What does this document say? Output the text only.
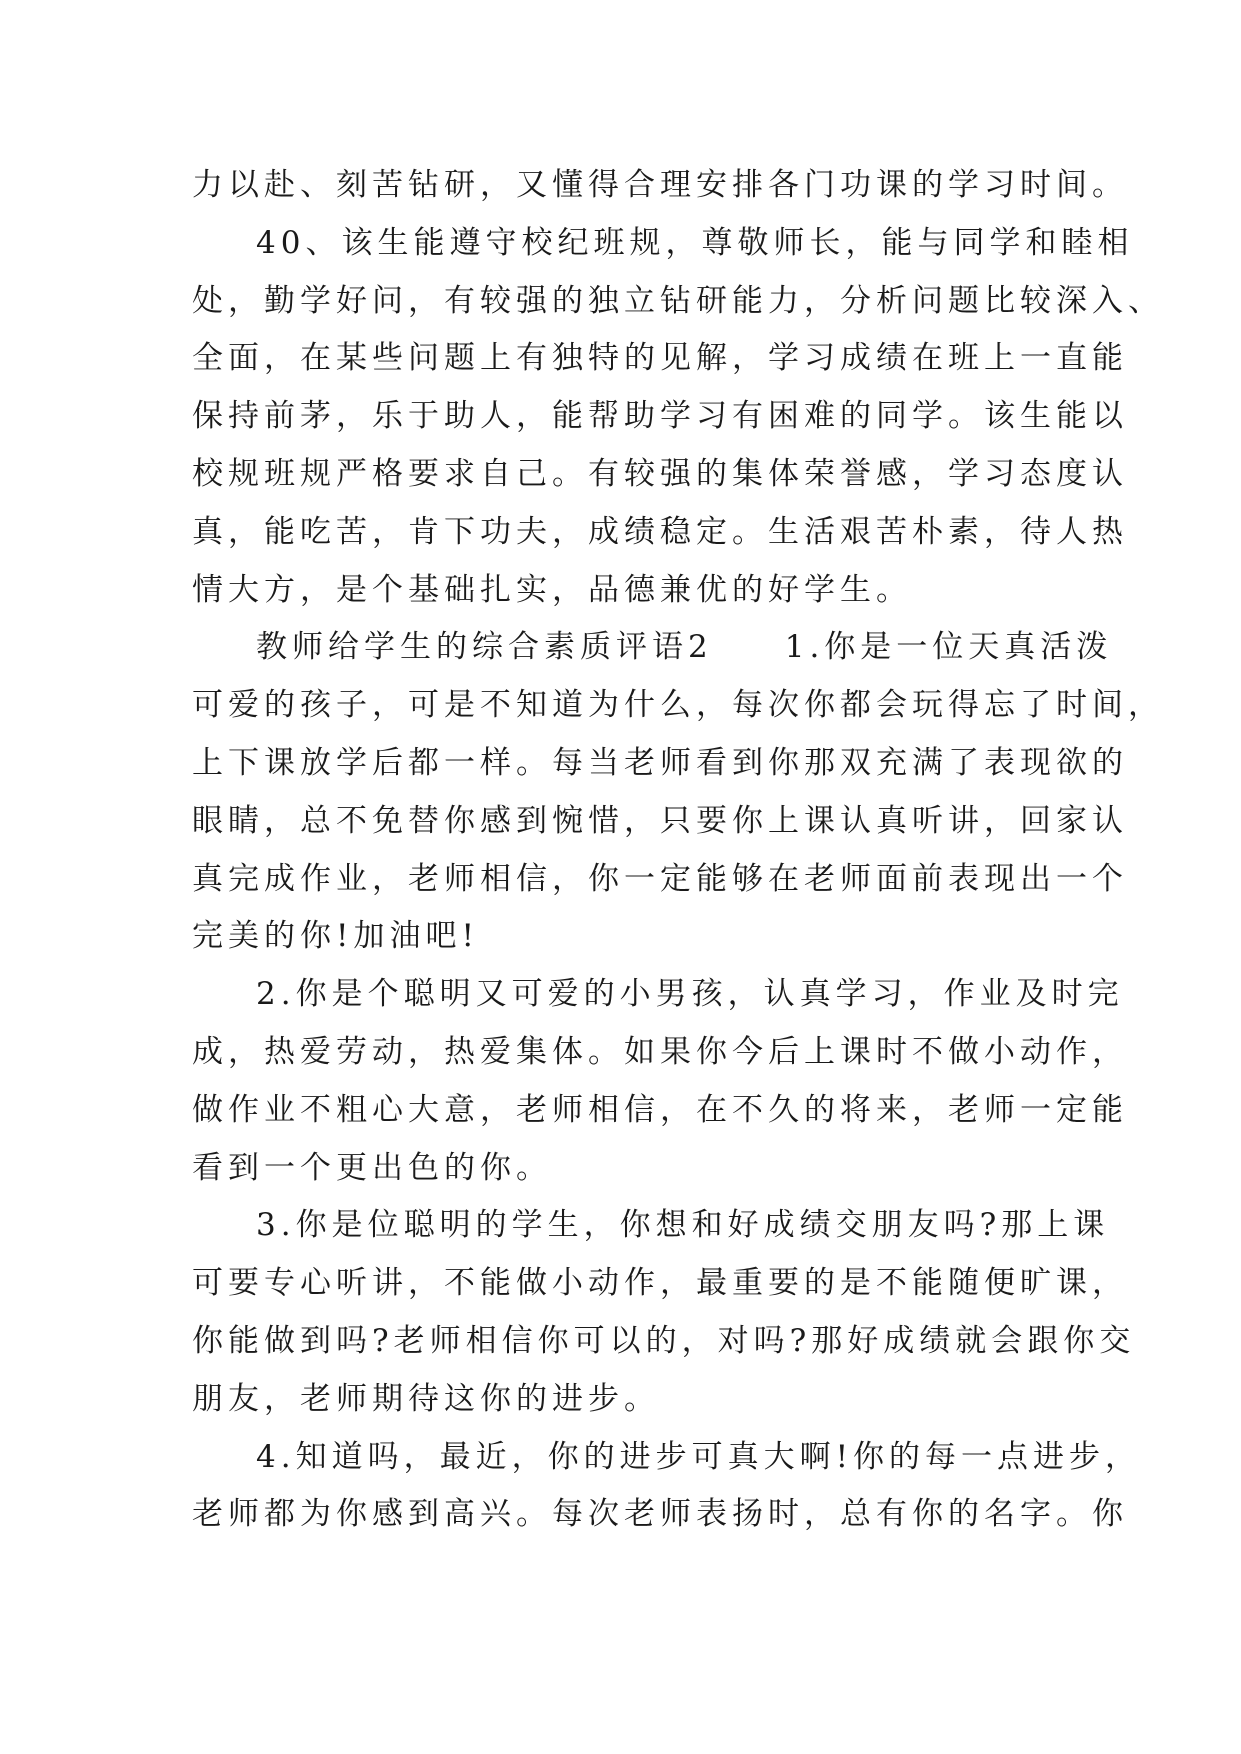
力以赴、刻苦钻研，又懂得合理安排各门功课的学习时间。
40、该生能遵守校纪班规，尊敬师长，能与同学和睦相
处，勤学好问，有较强的独立钻研能力，分析问题比较深入、
全面，在某些问题上有独特的见解，学习成绩在班上一直能
保持前茅，乐于助人，能帮助学习有困难的同学。该生能以
校规班规严格要求自己。有较强的集体荣誉感，学习态度认
真，能吃苦，肯下功夫，成绩稳定。生活艰苦朴素，待人热
情大方，是个基础扎实，品德兼优的好学生。
教师给学生的综合素质评语2　　1.你是一位天真活泼
可爱的孩子，可是不知道为什么，每次你都会玩得忘了时间，
上下课放学后都一样。每当老师看到你那双充满了表现欲的
眼睛，总不免替你感到惋惜，只要你上课认真听讲，回家认
真完成作业，老师相信，你一定能够在老师面前表现出一个
完美的你!加油吧!
2.你是个聪明又可爱的小男孩，认真学习，作业及时完
成，热爱劳动，热爱集体。如果你今后上课时不做小动作，
做作业不粗心大意，老师相信，在不久的将来，老师一定能
看到一个更出色的你。
3.你是位聪明的学生，你想和好成绩交朋友吗?那上课
可要专心听讲，不能做小动作，最重要的是不能随便旷课，
你能做到吗?老师相信你可以的，对吗?那好成绩就会跟你交
朋友，老师期待这你的进步。
4.知道吗，最近，你的进步可真大啊!你的每一点进步，
老师都为你感到高兴。每次老师表扬时，总有你的名字。你
